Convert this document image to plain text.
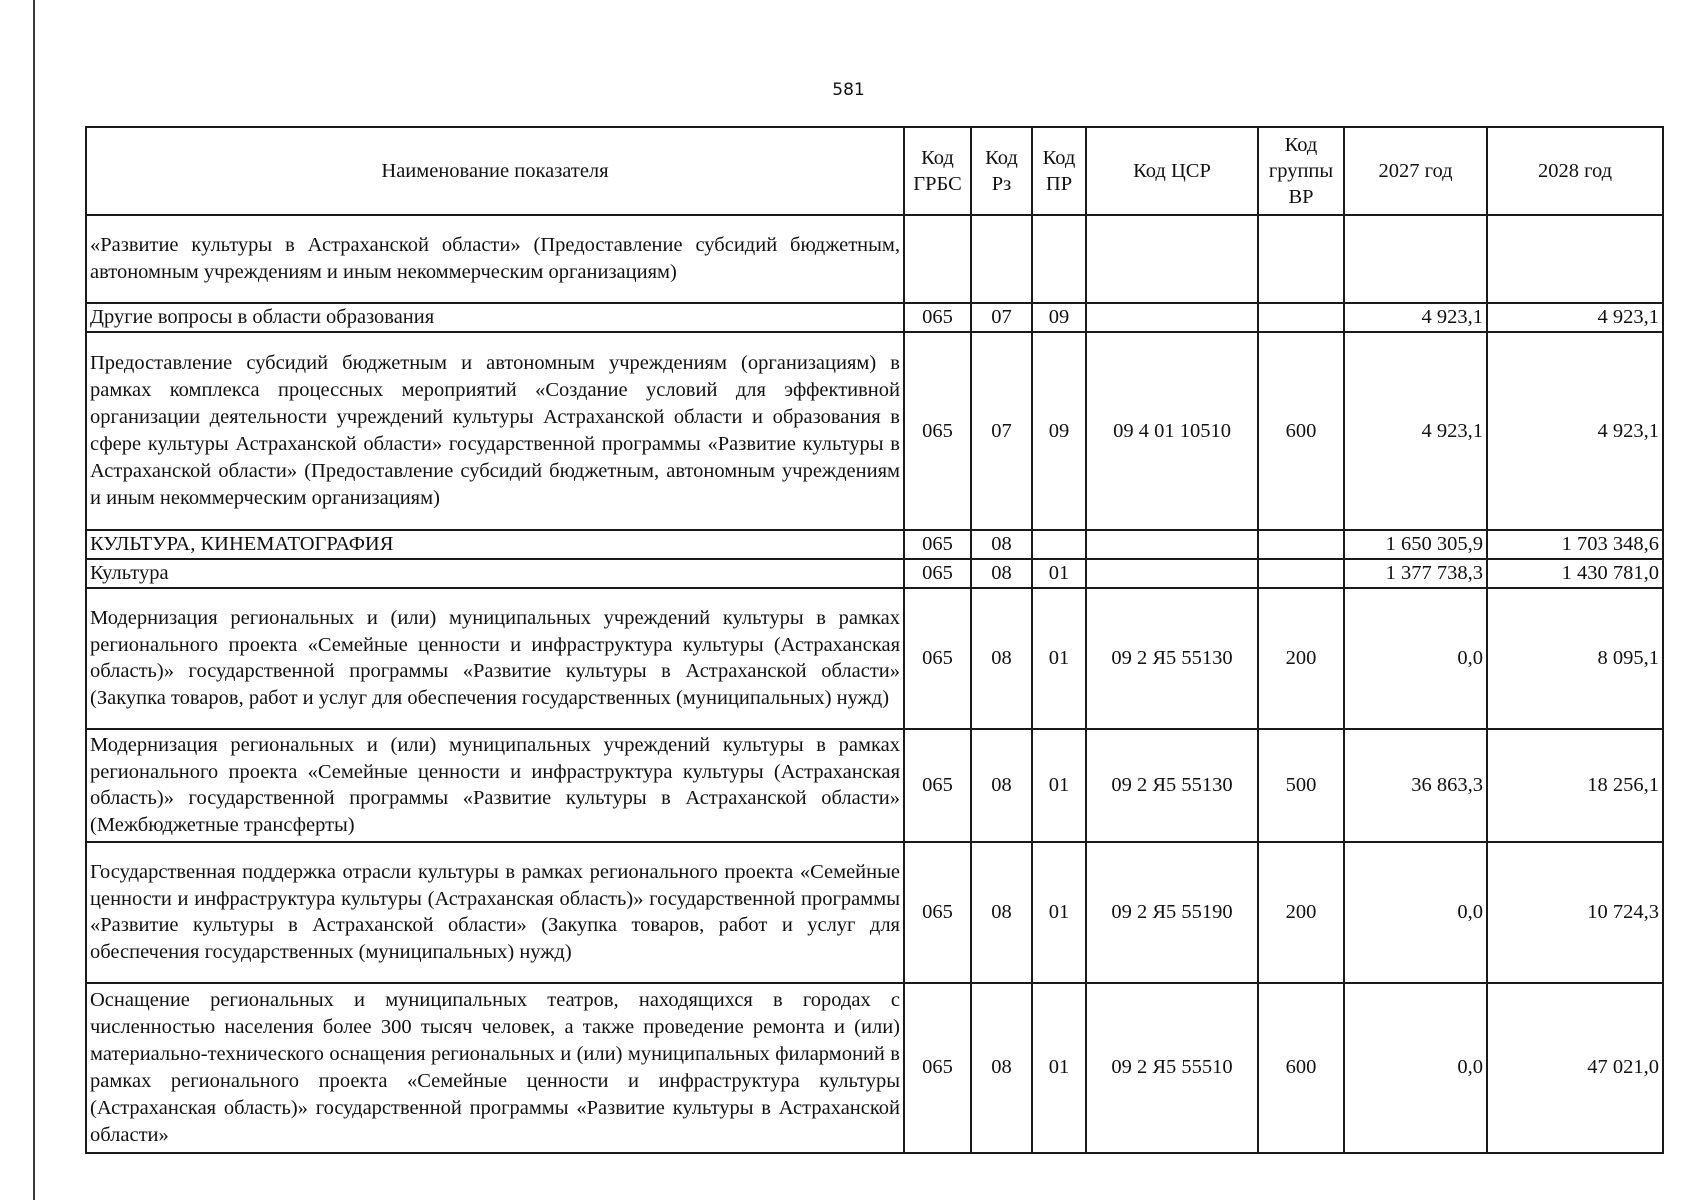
581
Наименование показателя	Код ГРБС	Код Рз	Код ПР	Код ЦСР	Код группы ВР	2027 год	2028 год
«Развитие культуры в Астраханской области» (Предоставление субсидий бюджетным, автономным учреждениям и иным некоммерческим организациям)							
Другие вопросы в области образования	065	07	09			4 923,1	4 923,1
Предоставление субсидий бюджетным и автономным учреждениям (организациям) в рамках комплекса процессных мероприятий «Создание условий для эффективной организации деятельности учреждений культуры Астраханской области и образования в сфере культуры Астраханской области» государственной программы «Развитие культуры в Астраханской области» (Предоставление субсидий бюджетным, автономным учреждениям и иным некоммерческим организациям)	065	07	09	09 4 01 10510	600	4 923,1	4 923,1
КУЛЬТУРА, КИНЕМАТОГРАФИЯ	065	08				1 650 305,9	1 703 348,6
Культура	065	08	01			1 377 738,3	1 430 781,0
Модернизация региональных и (или) муниципальных учреждений культуры в рамках регионального проекта «Семейные ценности и инфраструктура культуры (Астраханская область)» государственной программы «Развитие культуры в Астраханской области» (Закупка товаров, работ и услуг для обеспечения государственных (муниципальных) нужд)	065	08	01	09 2 Я5 55130	200	0,0	8 095,1
Модернизация региональных и (или) муниципальных учреждений культуры в рамках регионального проекта «Семейные ценности и инфраструктура культуры (Астраханская область)» государственной программы «Развитие культуры в Астраханской области» (Межбюджетные трансферты)	065	08	01	09 2 Я5 55130	500	36 863,3	18 256,1
Государственная поддержка отрасли культуры в рамках регионального проекта «Семейные ценности и инфраструктура культуры (Астраханская область)» государственной программы «Развитие культуры в Астраханской области» (Закупка товаров, работ и услуг для обеспечения государственных (муниципальных) нужд)	065	08	01	09 2 Я5 55190	200	0,0	10 724,3
Оснащение региональных и муниципальных театров, находящихся в городах с численностью населения более 300 тысяч человек, а также проведение ремонта и (или) материально-технического оснащения региональных и (или) муниципальных филармоний в рамках регионального проекта «Семейные ценности и инфраструктура культуры (Астраханская область)» государственной программы «Развитие культуры в Астраханской области»	065	08	01	09 2 Я5 55510	600	0,0	47 021,0
